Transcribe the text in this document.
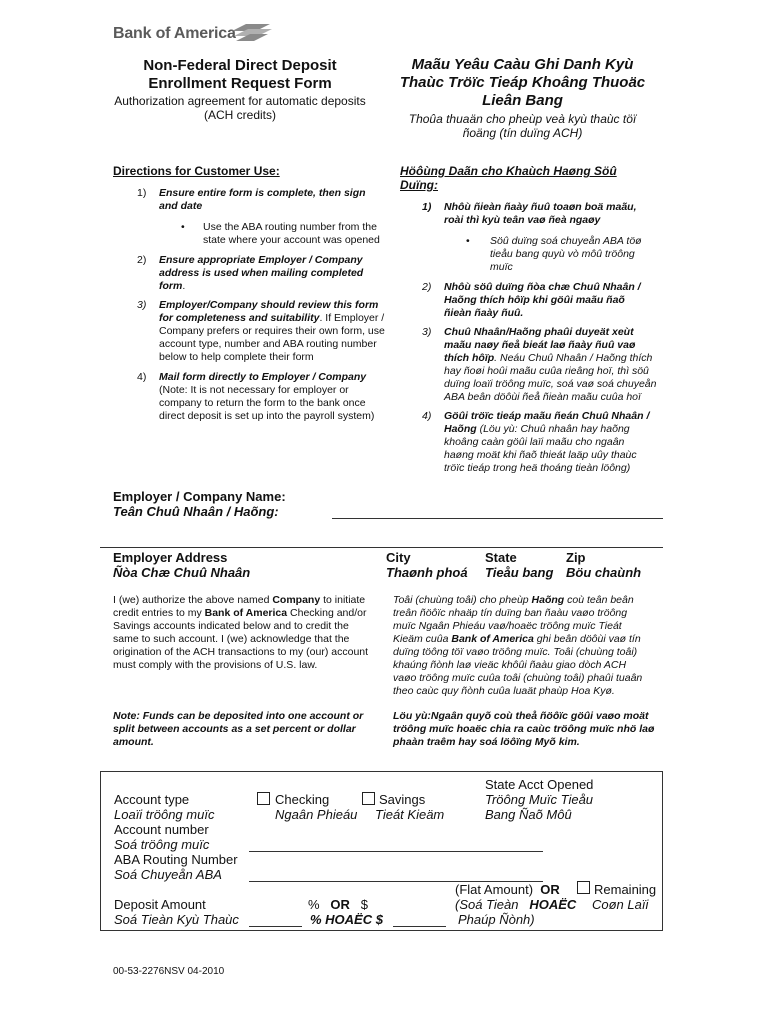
Bank of America
Non-Federal Direct Deposit
Enrollment Request Form
Authorization agreement for automatic deposits
(ACH credits)
Maãu Yeâu Caàu Ghi Danh Kyù
Thaùc Tröïc Tieáp Khoâng Thuoäc
Lieân Bang
Thoûa thuaän cho pheùp veà kyù thaùc töï
ñoäng (tín duïng ACH)
Directions for Customer Use:
1) Ensure entire form is complete, then sign
and date
• Use the ABA routing number from the
state where your account was opened
2) Ensure appropriate Employer / Company
address is used when mailing completed
form.
3) Employer/Company should review this form
for completeness and suitability. If Employer /
Company prefers or requires their own form, use
account type, number and ABA routing number
below to help complete their form
4) Mail form directly to Employer / Company
(Note: It is not necessary for employer or
company to return the form to the bank once
direct deposit is set up into the payroll system)
Höôùng Daãn cho Khaùch Haøng Söû
Duïng:
1) Nhôù ñieàn ñaày ñuû toaøn boä maãu,
roài thì kyù teân vaø ñeà ngaøy
• Söû duïng soá chuyeån ABA töø
tieåu bang quyù vò môû tröông
muïc
2) Nhôù söû duïng ñòa chæ Chuû Nhaân /
Haõng thích hôïp khi göûi maãu ñaõ
ñieàn ñaày ñuû.
3) Chuû Nhaân/Haõng phaûi duyeät xeùt
maãu naøy ñeå bieát laø ñaày ñuû vaø
thích hôïp. Neáu Chuû Nhaân / Haõng thích
hay ñoøi hoûi maãu cuûa rieâng hoï, thì söû
duïng loaïi tröông muïc, soá vaø soá chuyeån
ABA beân döôùi ñeå ñieàn maãu cuûa hoï
4) Göûi tröïc tieáp maãu ñeán Chuû Nhaân /
Haõng (Löu yù: Chuû nhaân hay haõng
khoâng caàn göûi laïi maãu cho ngaân
haøng moät khi ñaõ thieát laäp uûy thaùc
tröïc tieáp trong heä thoáng tieàn löông)
Employer / Company Name:
Teân Chuû Nhaân / Haõng:
Employer Address
Ñòa Chæ Chuû Nhaân
City
Thaønh phoá
State
Tieåu bang
Zip
Böu chaùnh
I (we) authorize the above named Company to initiate
credit entries to my Bank of America Checking and/or
Savings accounts indicated below and to credit the
same to such account. I (we) acknowledge that the
origination of the ACH transactions to my (our) account
must comply with the provisions of U.S. law.
Toâi (chuùng toâi) cho pheùp Haõng coù teân beân
treân ñöôïc nhaäp tín duïng ban ñaàu vaøo tröông
muïc Ngaân Phieáu vaø/hoaëc tröông muïc Tieát
Kieäm cuûa Bank of America ghi beân döôùi vaø tín
duïng töông töï vaøo tröông muïc. Toâi (chuùng toâi)
khaúng ñònh laø vieäc khôûi ñaàu giao dòch ACH
vaøo tröông muïc cuûa toâi (chuùng toâi) phaûi tuaân
theo caùc quy ñònh cuûa luaät phaùp Hoa Kyø.
Note: Funds can be deposited into one account or
split between accounts as a set percent or dollar
amount.
Löu yù:Ngaân quyõ coù theå ñöôïc göûi vaøo moät
tröông muïc hoaëc chia ra caùc tröông muïc nhö laø
phaàn traêm hay soá löôïng Myõ kim.
State Acct Opened
Tröông Muïc Tieåu
Bang Ñaõ Môû
Account type
Loaïi tröông muïc
Checking
Ngaân Phieáu
Savings
Tieát Kieäm
Account number
Soá tröông muïc
ABA Routing Number
Soá Chuyeån ABA
Deposit Amount
Soá Tieàn Kyù Thaùc
% OR $
% HOAËC $
(Flat Amount) OR
(Soá Tieàn HOAËC
Phaúp Ñònh)
Remaining
Coøn Laïi
00-53-2276NSV 04-2010
